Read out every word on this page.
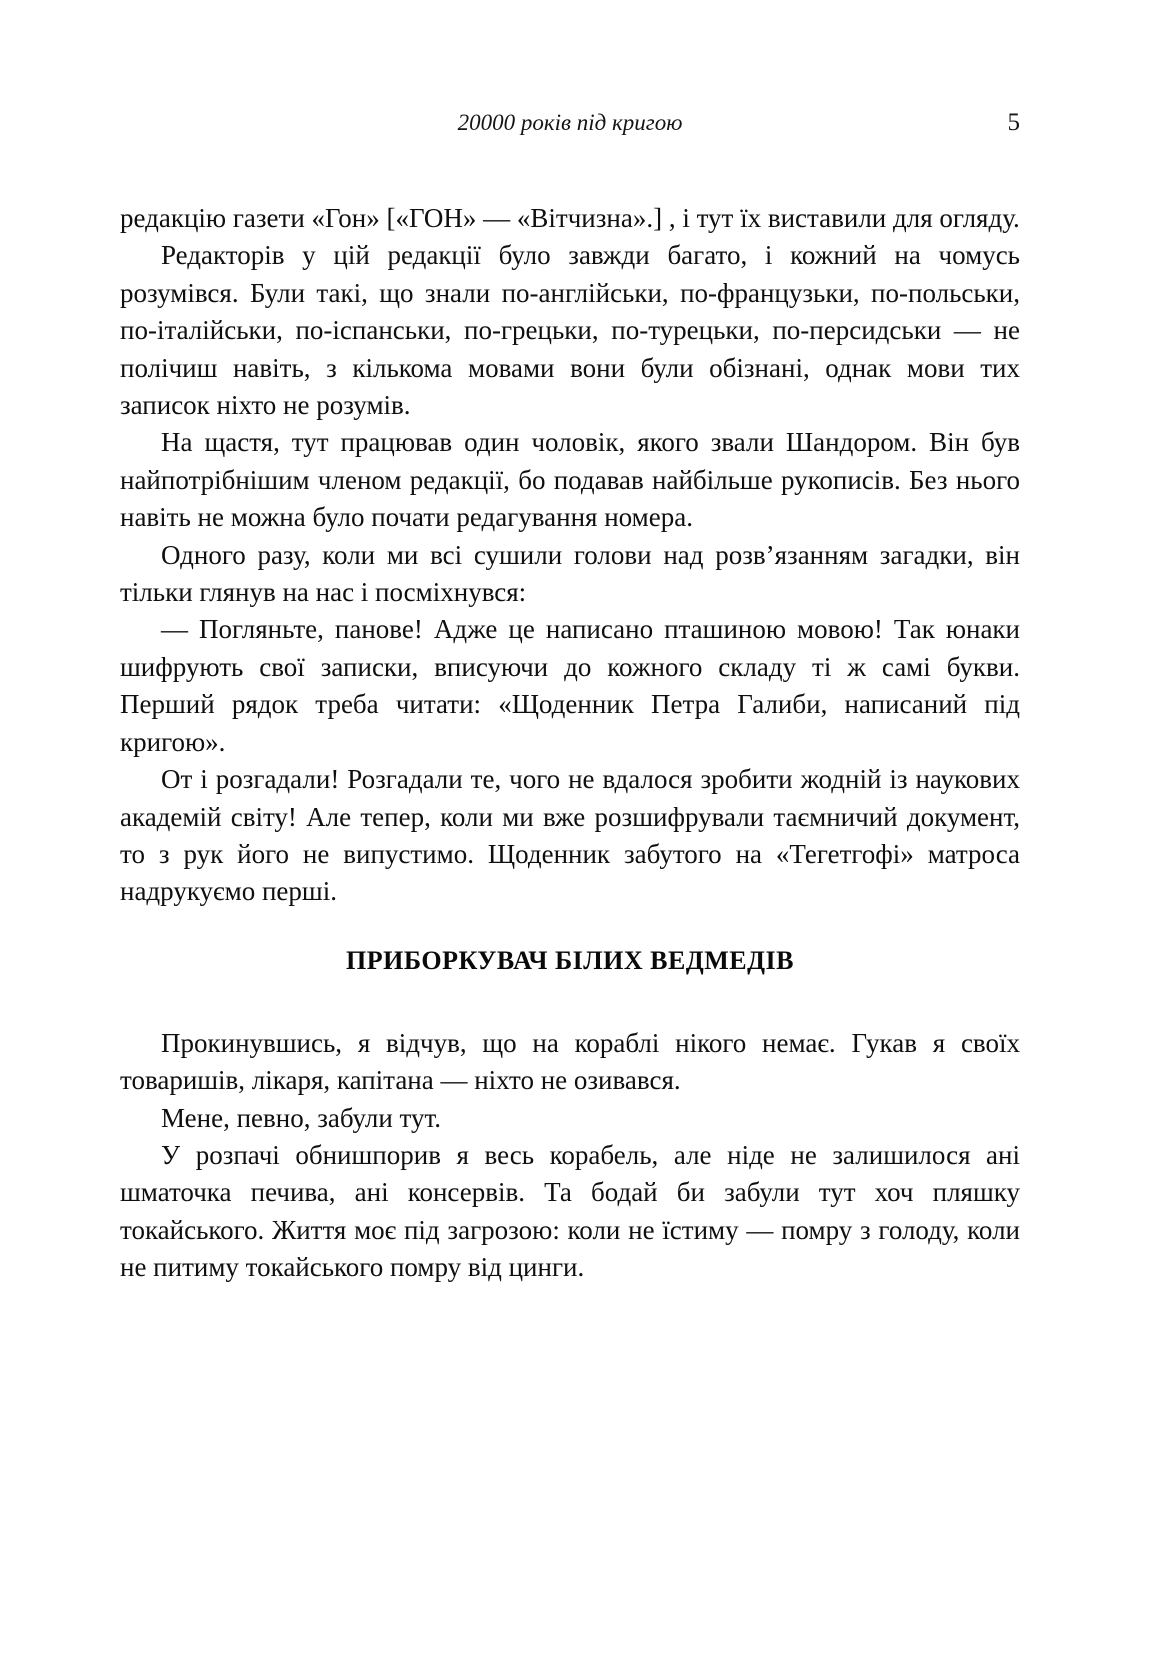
20000 років під кригою	5

редакцію газети «Гон» [«ГОН» — «Вітчизна».] , і тут їх виставили для огляду.

Редакторів у цій редакції було завжди багато, і кожний на чомусь розумівся. Були такі, що знали по-англійськи, по-французьки, по-польськи, по-італійськи, по-іспанськи, по-грецьки, по-турецьки, по-персидськи — не полічиш навіть, з кількома мовами вони були обізнані, однак мови тих записок ніхто не розумів.

На щастя, тут працював один чоловік, якого звали Шандором. Він був найпотрібнішим членом редакції, бо подавав найбільше рукописів. Без нього навіть не можна було почати редагування номера.

Одного разу, коли ми всі сушили голови над розв’язанням загадки, він тільки глянув на нас і посміхнувся:

— Погляньте, панове! Адже це написано пташиною мовою! Так юнаки шифрують свої записки, вписуючи до кожного складу ті ж самі букви. Перший рядок треба читати: «Щоденник Петра Галиби, написаний під кригою».

От і розгадали! Розгадали те, чого не вдалося зробити жодній із наукових академій світу! Але тепер, коли ми вже розшифрували таємничий документ, то з рук його не випустимо. Щоденник забутого на «Тегетгофі» матроса надрукуємо перші.

ПРИБОРКУВАЧ БІЛИХ ВЕДМЕДІВ

Прокинувшись, я відчув, що на кораблі нікого немає. Гукав я своїх товаришів, лікаря, капітана — ніхто не озивався.

Мене, певно, забули тут.

У розпачі обнишпорив я весь корабель, але ніде не залишилося ані шматочка печива, ані консервів. Та бодай би забули тут хоч пляшку токайського. Життя моє під загрозою: коли не їстиму — помру з голоду, коли не питиму токайського помру від цинги.
